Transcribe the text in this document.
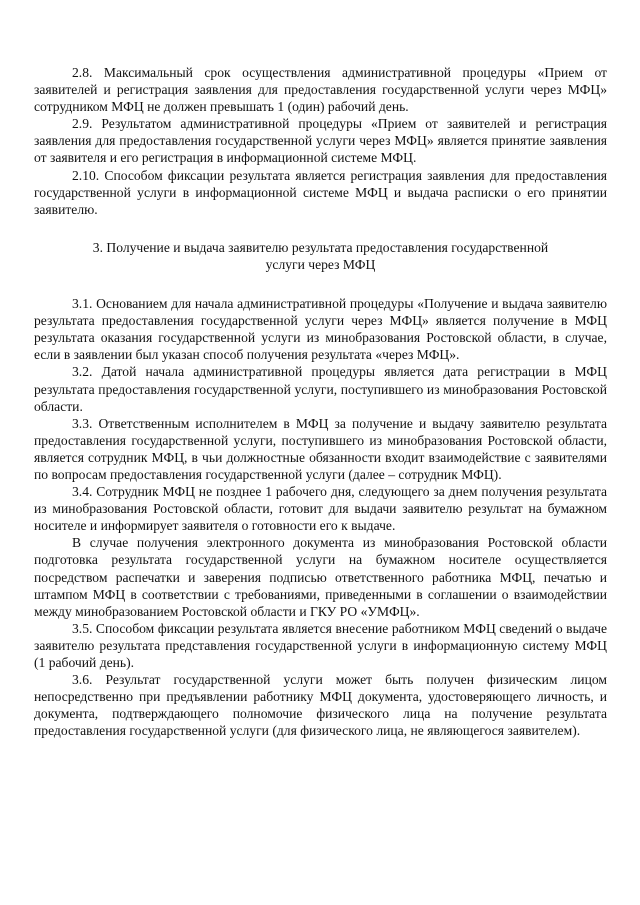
2.8. Максимальный срок осуществления административной процедуры «Прием от заявителей и регистрация заявления для предоставления государственной услуги через МФЦ» сотрудником МФЦ не должен превышать 1 (один) рабочий день.

2.9. Результатом административной процедуры «Прием от заявителей и регистрация заявления для предоставления государственной услуги через МФЦ» является принятие заявления от заявителя и его регистрация в информационной системе МФЦ.

2.10. Способом фиксации результата является регистрация заявления для предоставления государственной услуги в информационной системе МФЦ и выдача расписки о его принятии заявителю.

3. Получение и выдача заявителю результата предоставления государственной услуги через МФЦ

3.1. Основанием для начала административной процедуры «Получение и выдача заявителю результата предоставления государственной услуги через МФЦ» является получение в МФЦ результата оказания государственной услуги из минобразования Ростовской области, в случае, если в заявлении был указан способ получения результата «через МФЦ».

3.2. Датой начала административной процедуры является дата регистрации в МФЦ результата предоставления государственной услуги, поступившего из минобразования Ростовской области.

3.3. Ответственным исполнителем в МФЦ за получение и выдачу заявителю результата предоставления государственной услуги, поступившего из минобразования Ростовской области, является сотрудник МФЦ, в чьи должностные обязанности входит взаимодействие с заявителями по вопросам предоставления государственной услуги (далее – сотрудник МФЦ).

3.4. Сотрудник МФЦ не позднее 1 рабочего дня, следующего за днем получения результата из минобразования Ростовской области, готовит для выдачи заявителю результат на бумажном носителе и информирует заявителя о готовности его к выдаче.

В случае получения электронного документа из минобразования Ростовской области подготовка результата государственной услуги на бумажном носителе осуществляется посредством распечатки и заверения подписью ответственного работника МФЦ, печатью и штампом МФЦ в соответствии с требованиями, приведенными в соглашении о взаимодействии между минобразованием Ростовской области и ГКУ РО «УМФЦ».

3.5. Способом фиксации результата является внесение работником МФЦ сведений о выдаче заявителю результата представления государственной услуги в информационную систему МФЦ (1 рабочий день).

3.6. Результат государственной услуги может быть получен физическим лицом непосредственно при предъявлении работнику МФЦ документа, удостоверяющего личность, и документа, подтверждающего полномочие физического лица на получение результата предоставления государственной услуги (для физического лица, не являющегося заявителем).
